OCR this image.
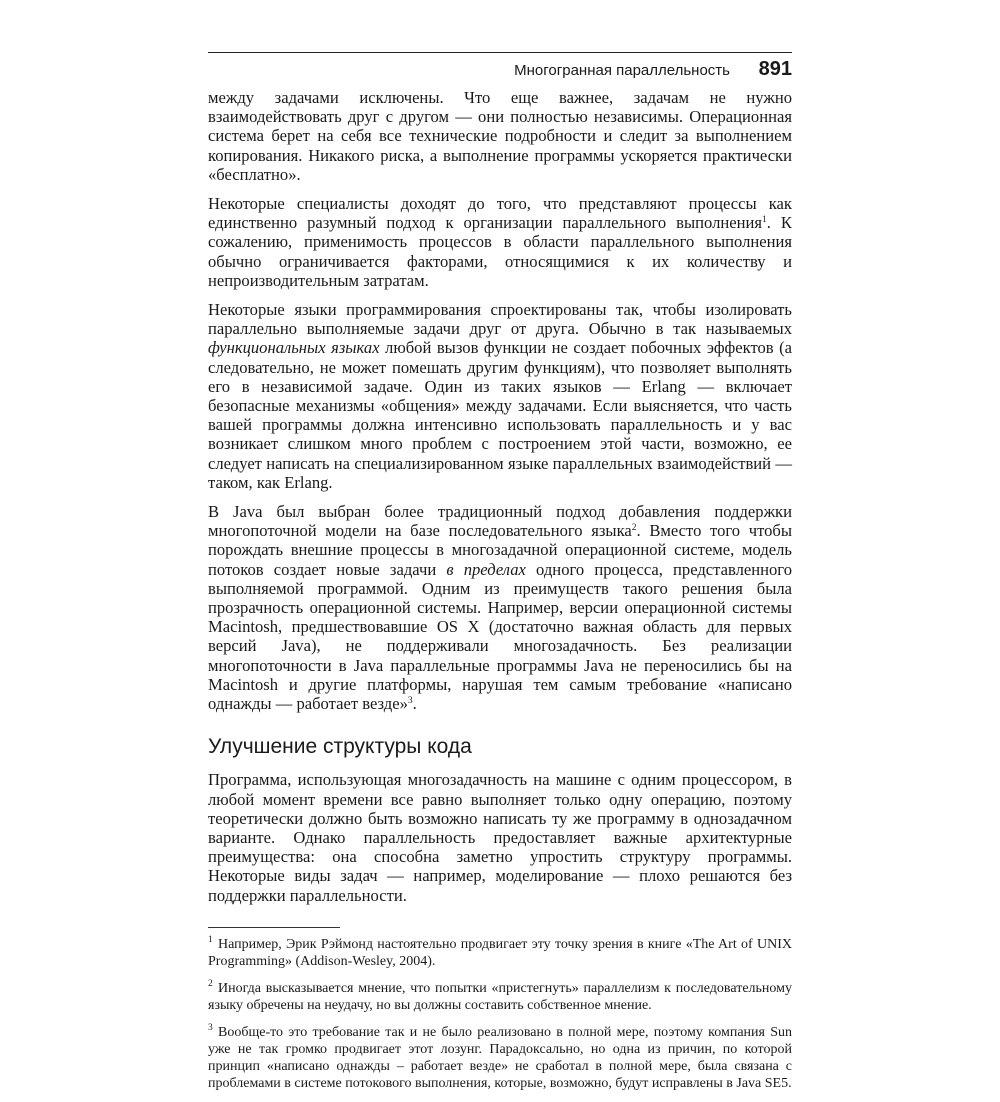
Многогранная параллельность 891

между задачами исключены. Что еще важнее, задачам не нужно взаимодействовать друг с другом — они полностью независимы. Операционная система берет на себя все технические подробности и следит за выполнением копирования. Никакого риска, а выполнение программы ускоряется практически «бесплатно».

Некоторые специалисты доходят до того, что представляют процессы как единственно разумный подход к организации параллельного выполнения$^1$. К сожалению, применимость процессов в области параллельного выполнения обычно ограничивается факторами, относящимися к их количеству и непроизводительным затратам.

Некоторые языки программирования спроектированы так, чтобы изолировать параллельно выполняемые задачи друг от друга. Обычно в так называемых функциональных языках любой вызов функции не создает побочных эффектов (а следовательно, не может помешать другим функциям), что позволяет выполнять его в независимой задаче. Один из таких языков — Erlang — включает безопасные механизмы «общения» между задачами. Если выясняется, что часть вашей программы должна интенсивно использовать параллельность и у вас возникает слишком много проблем с построением этой части, возможно, ее следует написать на специализированном языке параллельных взаимодействий — таком, как Erlang.

В Java был выбран более традиционный подход добавления поддержки многопоточной модели на базе последовательного языка$^2$. Вместо того чтобы порождать внешние процессы в многозадачной операционной системе, модель потоков создает новые задачи в пределах одного процесса, представленного выполняемой программой. Одним из преимуществ такого решения была прозрачность операционной системы. Например, версии операционной системы Macintosh, предшествовавшие OS X (достаточно важная область для первых версий Java), не поддерживали многозадачность. Без реализации многопоточности в Java параллельные программы Java не переносились бы на Macintosh и другие платформы, нарушая тем самым требование «написано однажды — работает везде»$^3$.

Улучшение структуры кода

Программа, использующая многозадачность на машине с одним процессором, в любой момент времени все равно выполняет только одну операцию, поэтому теоретически должно быть возможно написать ту же программу в однозадачном варианте. Однако параллельность предоставляет важные архитектурные преимущества: она способна заметно упростить структуру программы. Некоторые виды задач — например, моделирование — плохо решаются без поддержки параллельности.

$^1$ Например, Эрик Рэймонд настоятельно продвигает эту точку зрения в книге «The Art of UNIX Programming» (Addison-Wesley, 2004).

$^2$ Иногда высказывается мнение, что попытки «пристегнуть» параллелизм к последовательному языку обречены на неудачу, но вы должны составить собственное мнение.

$^3$ Вообще-то это требование так и не было реализовано в полной мере, поэтому компания Sun уже не так громко продвигает этот лозунг. Парадоксально, но одна из причин, по которой принцип «написано однажды – работает везде» не сработал в полной мере, была связана с проблемами в системе потокового выполнения, которые, возможно, будут исправлены в Java SE5.
